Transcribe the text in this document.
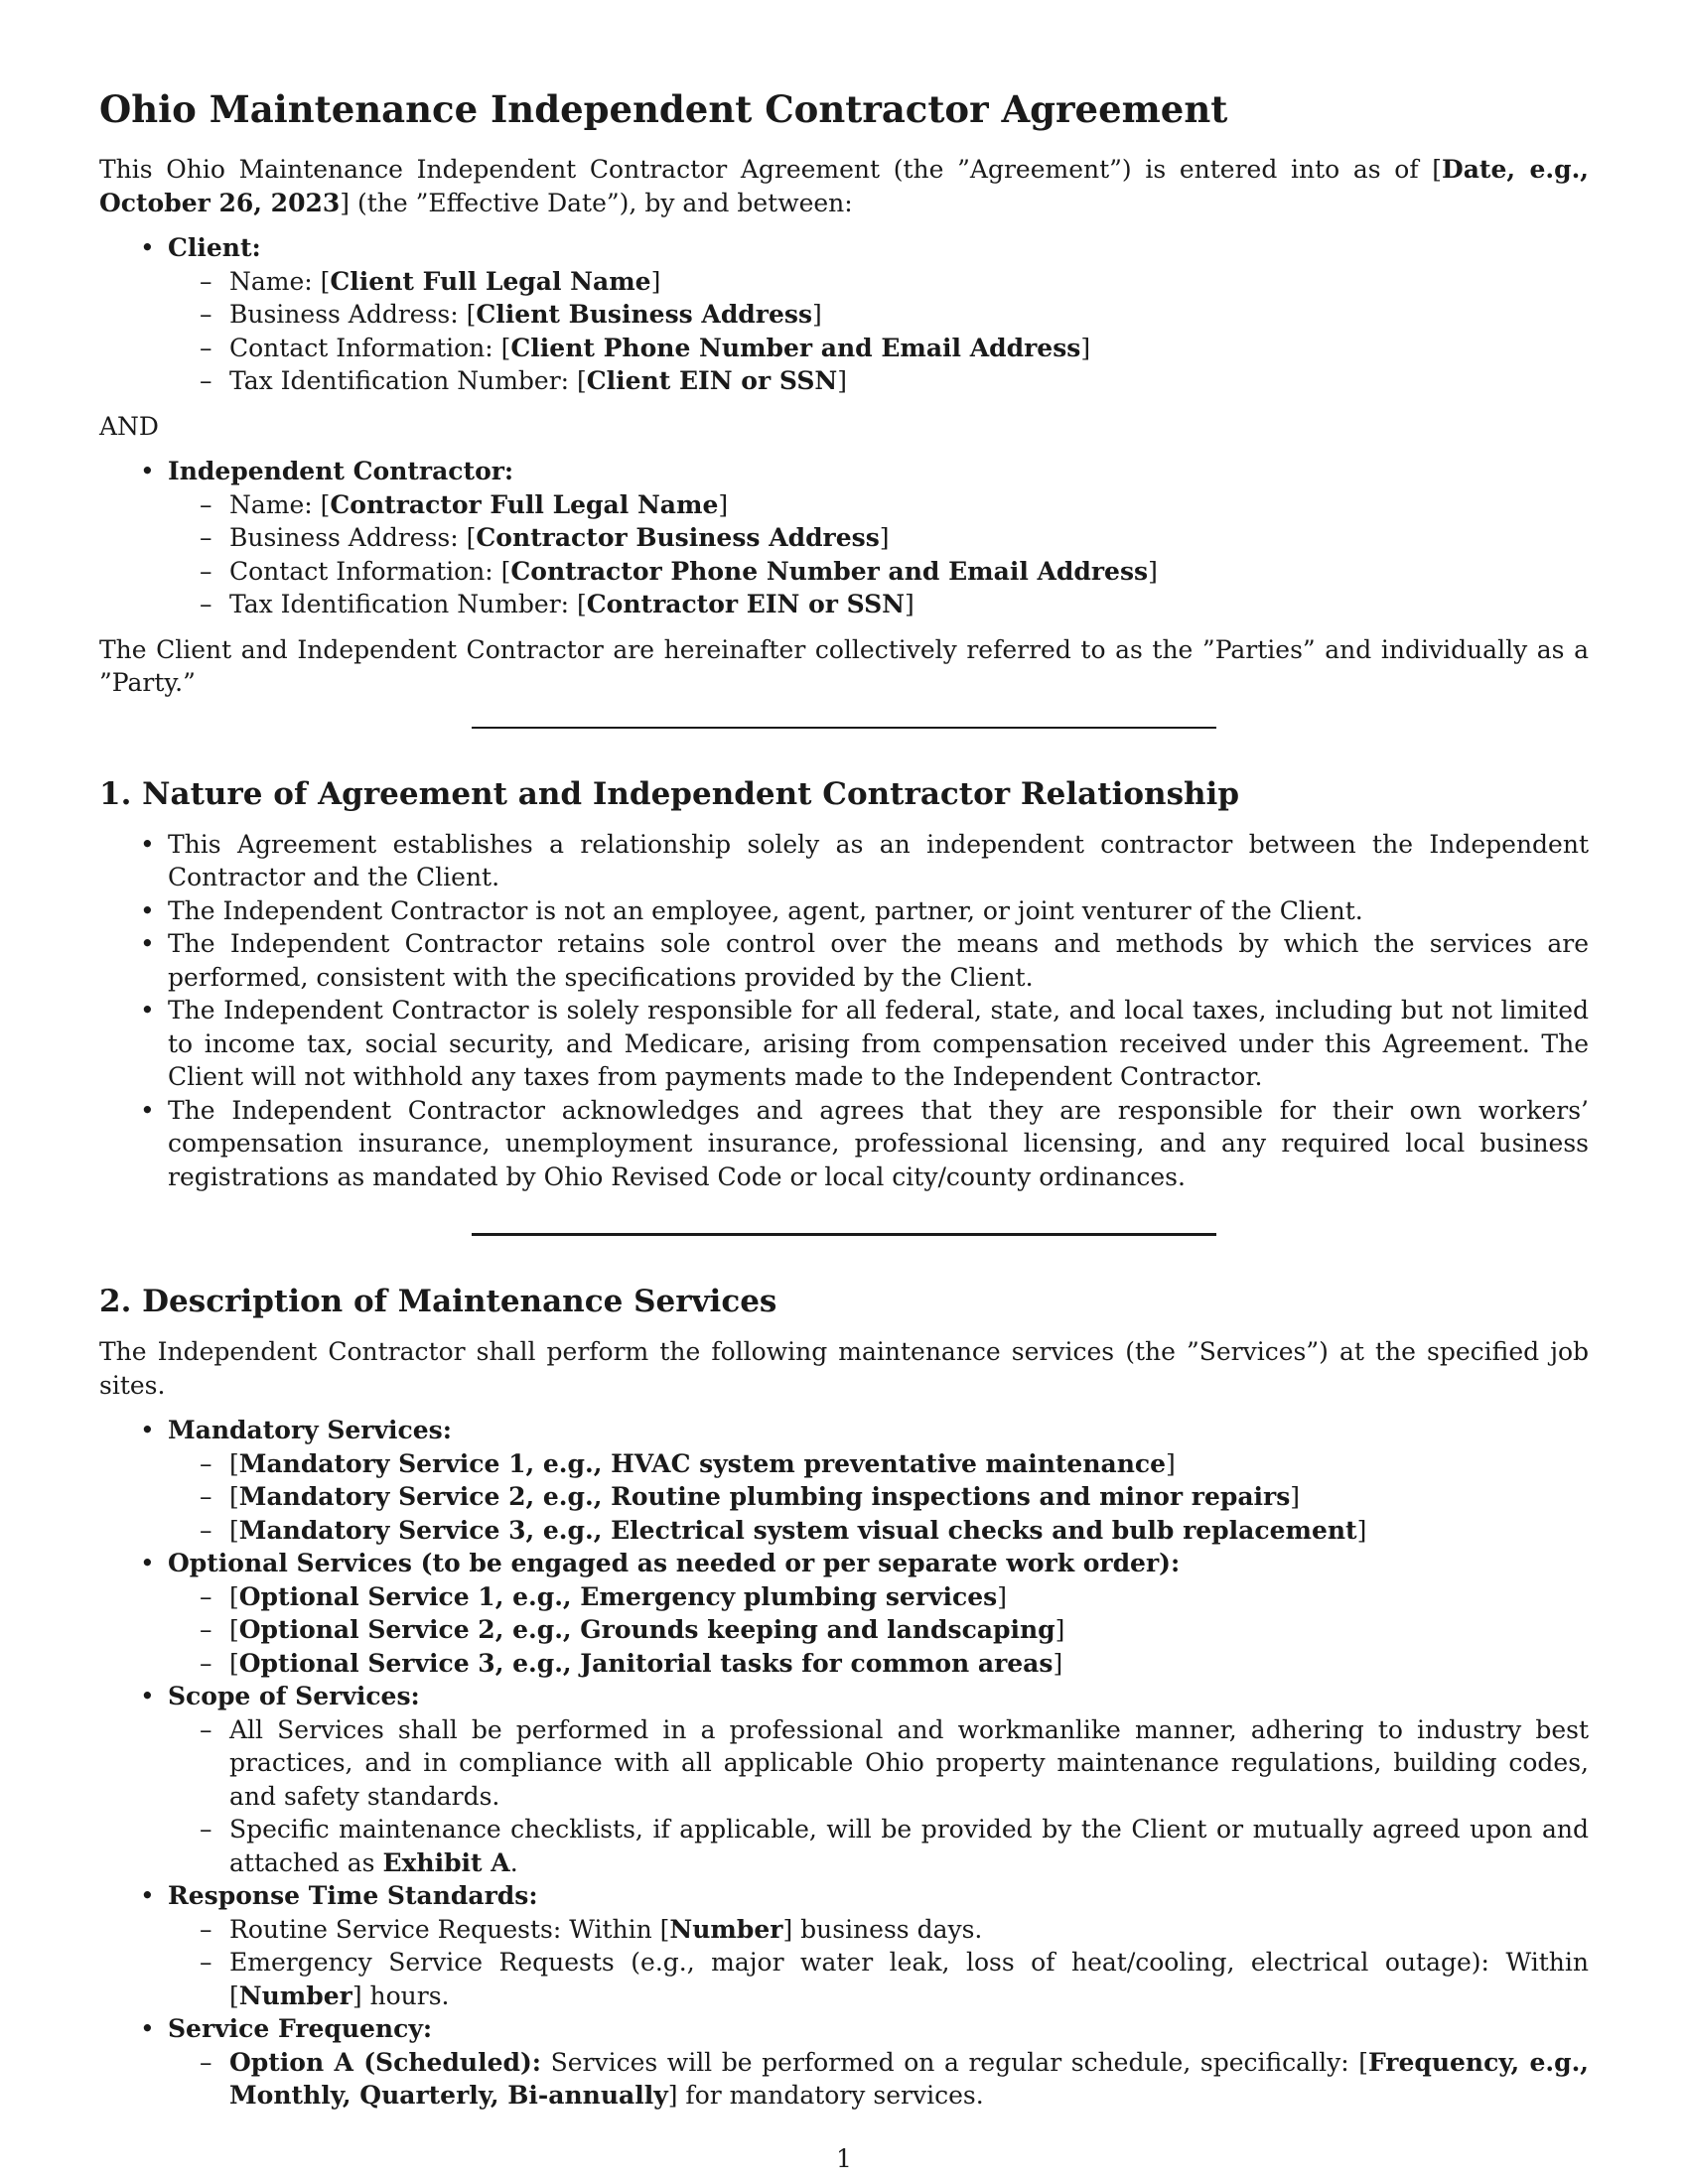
Ohio Maintenance Independent Contractor Agreement

This Ohio Maintenance Independent Contractor Agreement (the ”Agreement”) is entered into as of [Date, e.g., October 26, 2023] (the ”Effective Date”), by and between:

• Client:
– Name: [Client Full Legal Name]
– Business Address: [Client Business Address]
– Contact Information: [Client Phone Number and Email Address]
– Tax Identification Number: [Client EIN or SSN]

AND

• Independent Contractor:
– Name: [Contractor Full Legal Name]
– Business Address: [Contractor Business Address]
– Contact Information: [Contractor Phone Number and Email Address]
– Tax Identification Number: [Contractor EIN or SSN]

The Client and Independent Contractor are hereinafter collectively referred to as the ”Parties” and individually as a ”Party.”

1. Nature of Agreement and Independent Contractor Relationship
• This Agreement establishes a relationship solely as an independent contractor between the Independent Contractor and the Client.
• The Independent Contractor is not an employee, agent, partner, or joint venturer of the Client.
• The Independent Contractor retains sole control over the means and methods by which the services are performed, consistent with the specifications provided by the Client.
• The Independent Contractor is solely responsible for all federal, state, and local taxes, including but not limited to income tax, social security, and Medicare, arising from compensation received under this Agreement. The Client will not withhold any taxes from payments made to the Independent Contractor.
• The Independent Contractor acknowledges and agrees that they are responsible for their own workers’ compensation insurance, unemployment insurance, professional licensing, and any required local business registrations as mandated by Ohio Revised Code or local city/county ordinances.
2. Description of Maintenance Services

The Independent Contractor shall perform the following maintenance services (the ”Services”) at the specified job sites.

• Mandatory Services:
– [Mandatory Service 1, e.g., HVAC system preventative maintenance]
– [Mandatory Service 2, e.g., Routine plumbing inspections and minor repairs]
– [Mandatory Service 3, e.g., Electrical system visual checks and bulb replacement]
• Optional Services (to be engaged as needed or per separate work order):
– [Optional Service 1, e.g., Emergency plumbing services]
– [Optional Service 2, e.g., Grounds keeping and landscaping]
– [Optional Service 3, e.g., Janitorial tasks for common areas]
• Scope of Services:
– All Services shall be performed in a professional and workmanlike manner, adhering to industry best practices, and in compliance with all applicable Ohio property maintenance regulations, building codes, and safety standards.
– Specific maintenance checklists, if applicable, will be provided by the Client or mutually agreed upon and attached as Exhibit A.
• Response Time Standards:
– Routine Service Requests: Within [Number] business days.
– Emergency Service Requests (e.g., major water leak, loss of heat/cooling, electrical outage): Within [Number] hours.
• Service Frequency:
– Option A (Scheduled): Services will be performed on a regular schedule, specifically: [Frequency, e.g., Monthly, Quarterly, Bi-annually] for mandatory services.
1
